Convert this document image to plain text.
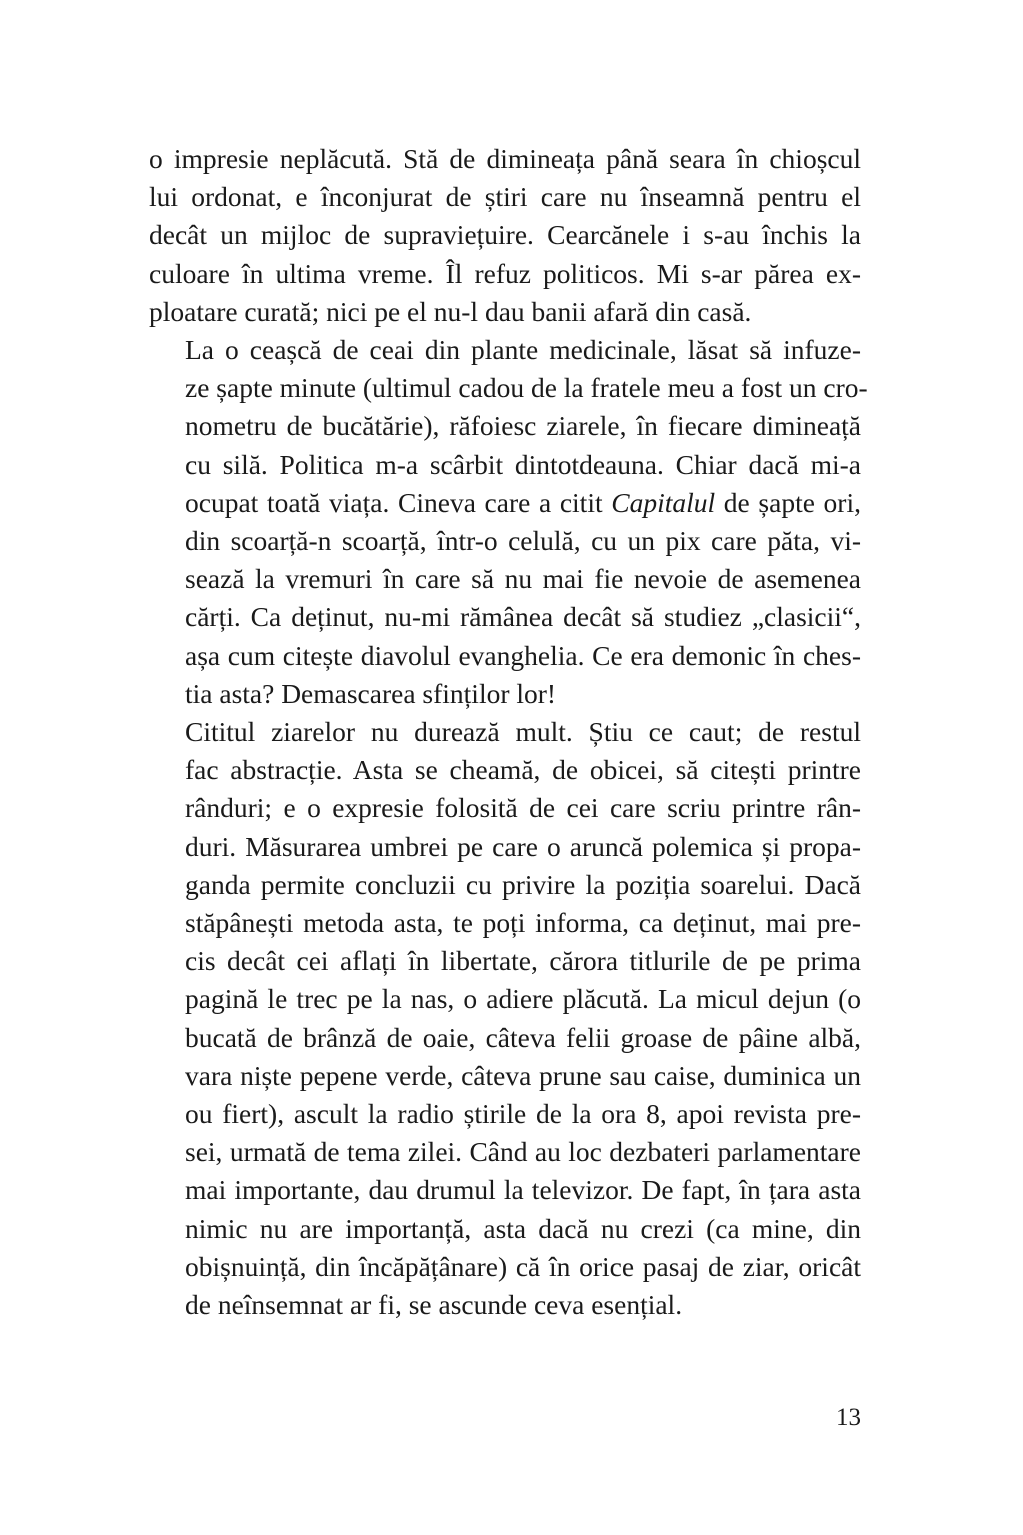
o impresie neplăcută. Stă de dimineața până seara în chioșcul
lui ordonat, e înconjurat de știri care nu înseamnă pentru el
decât un mijloc de supraviețuire. Cearcănele i s-au închis la
culoare în ultima vreme. Îl refuz politicos. Mi s-ar părea ex-
ploatare curată; nici pe el nu-l dau banii afară din casă.
La o ceașcă de ceai din plante medicinale, lăsat să infuze-
ze șapte minute (ultimul cadou de la fratele meu a fost un cro-
nometru de bucătărie), răfoiesc ziarele, în fiecare dimineață
cu silă. Politica m-a scârbit dintotdeauna. Chiar dacă mi-a
ocupat toată viața. Cineva care a citit Capitalul de șapte ori,
din scoarță-n scoarță, într-o celulă, cu un pix care păta, vi-
sează la vremuri în care să nu mai fie nevoie de asemenea
cărți. Ca deținut, nu-mi rămânea decât să studiez „clasicii“,
așa cum citește diavolul evanghelia. Ce era demonic în ches-
tia asta? Demascarea sfinților lor!
Cititul ziarelor nu durează mult. Știu ce caut; de restul
fac abstracție. Asta se cheamă, de obicei, să citești printre
rânduri; e o expresie folosită de cei care scriu printre rân-
duri. Măsurarea umbrei pe care o aruncă polemica și propa-
ganda permite concluzii cu privire la poziția soarelui. Dacă
stăpânești metoda asta, te poți informa, ca deținut, mai pre-
cis decât cei aflați în libertate, cărora titlurile de pe prima
pagină le trec pe la nas, o adiere plăcută. La micul dejun (o
bucată de brânză de oaie, câteva felii groase de pâine albă,
vara niște pepene verde, câteva prune sau caise, duminica un
ou fiert), ascult la radio știrile de la ora 8, apoi revista pre-
sei, urmată de tema zilei. Când au loc dezbateri parlamentare
mai importante, dau drumul la televizor. De fapt, în țara asta
nimic nu are importanță, asta dacă nu crezi (ca mine, din
obișnuință, din încăpățânare) că în orice pasaj de ziar, oricât
de neînsemnat ar fi, se ascunde ceva esențial.
13
